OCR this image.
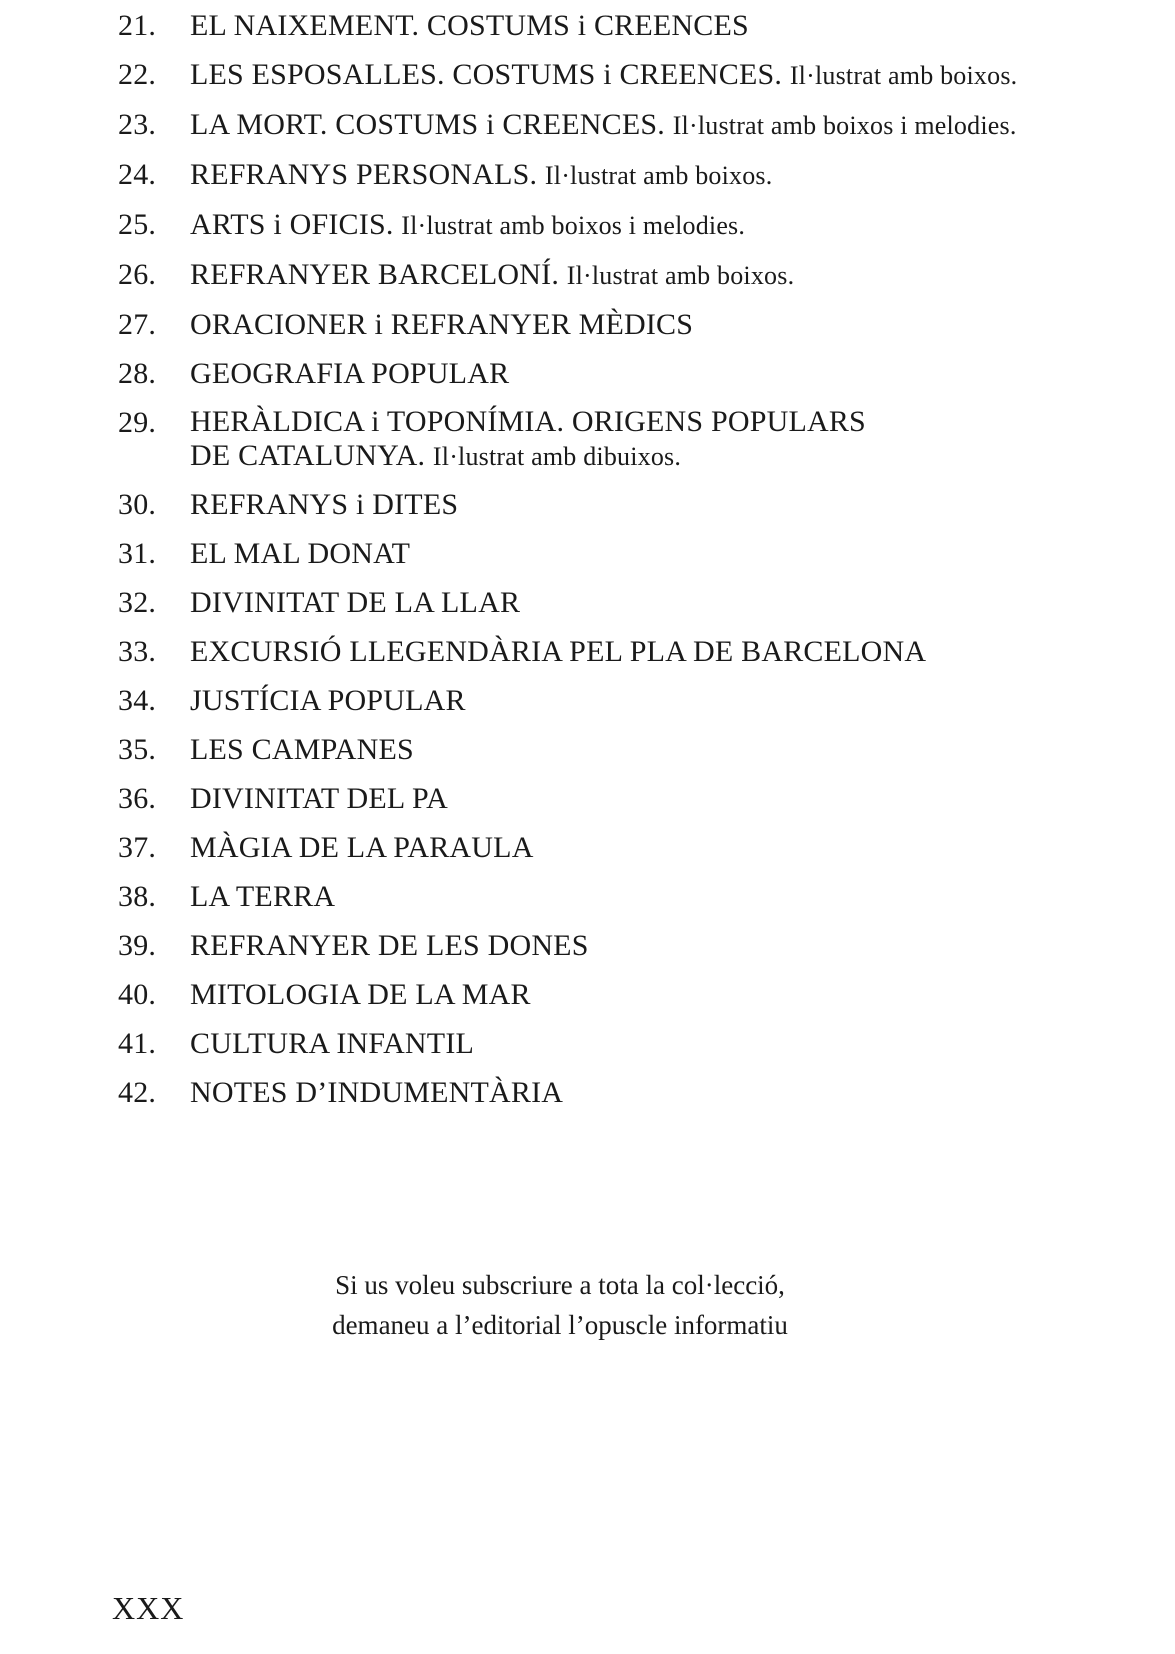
21.	EL NAIXEMENT. COSTUMS i CREENCES
22.	LES ESPOSALLES. COSTUMS i CREENCES. Il·lustrat amb boixos.
23.	LA MORT. COSTUMS i CREENCES. Il·lustrat amb boixos i melodies.
24.	REFRANYS PERSONALS. Il·lustrat amb boixos.
25.	ARTS i OFICIS. Il·lustrat amb boixos i melodies.
26.	REFRANYER BARCELONÍ. Il·lustrat amb boixos.
27.	ORACIONER i REFRANYER MÈDICS
28.	GEOGRAFIA POPULAR
29.	HERÀLDICA i TOPONÍMIA. ORIGENS POPULARS
DE CATALUNYA. Il·lustrat amb dibuixos.
30.	REFRANYS i DITES
31.	EL MAL DONAT
32.	DIVINITAT DE LA LLAR
33.	EXCURSIÓ LLEGENDÀRIA PEL PLA DE BARCELONA
34.	JUSTÍCIA POPULAR
35.	LES CAMPANES
36.	DIVINITAT DEL PA
37.	MÀGIA DE LA PARAULA
38.	LA TERRA
39.	REFRANYER DE LES DONES
40.	MITOLOGIA DE LA MAR
41.	CULTURA INFANTIL
42.	NOTES D’INDUMENTÀRIA
Si us voleu subscriure a tota la col·lecció,
demaneu a l’editorial l’opuscle informatiu
XXX
